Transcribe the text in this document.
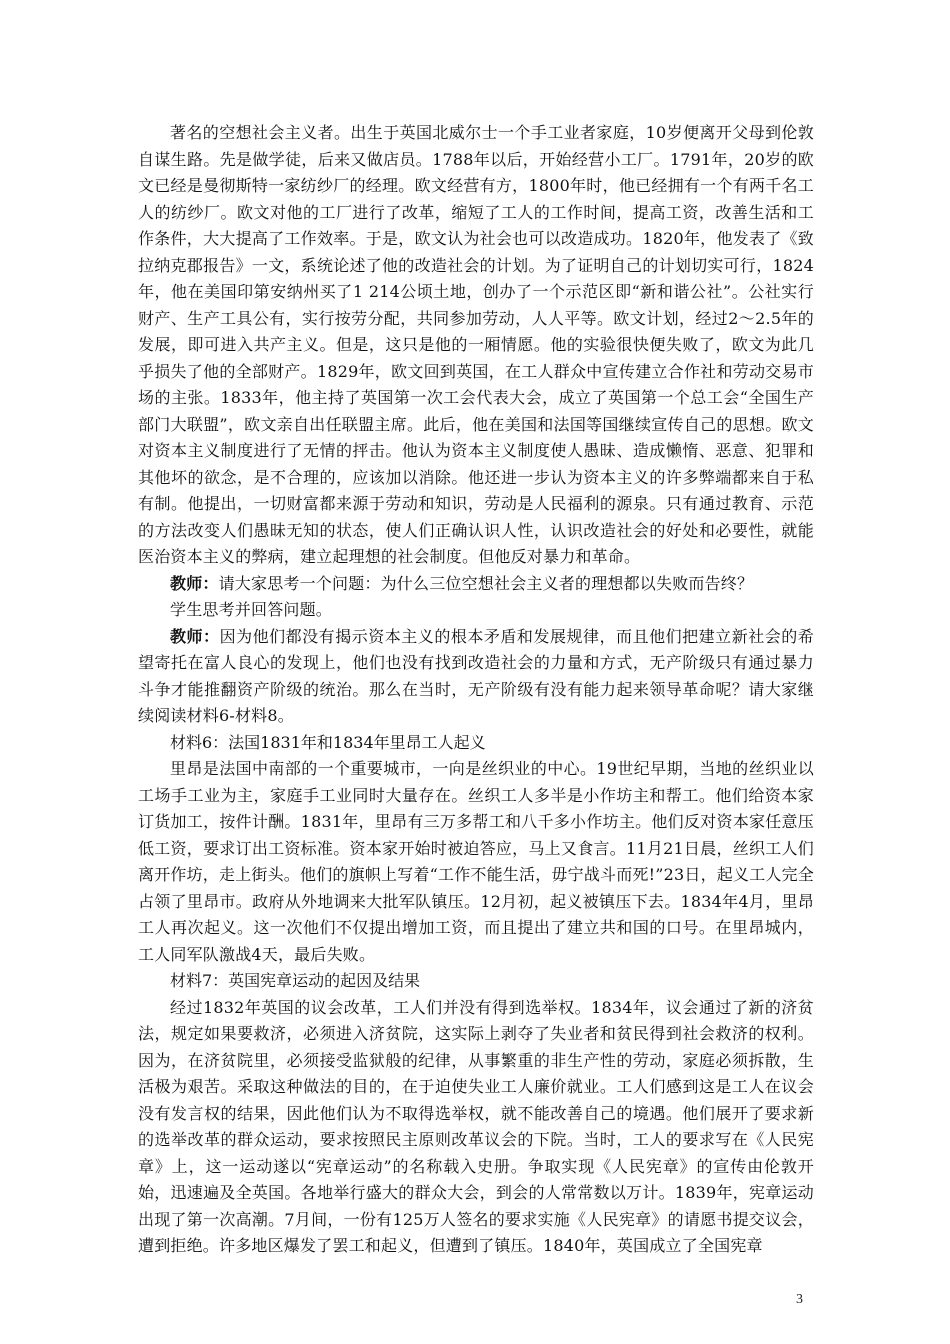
著名的空想社会主义者。出生于英国北威尔士一个手工业者家庭，10岁便离开父母到伦敦自谋生路。先是做学徒，后来又做店员。1788年以后，开始经营小工厂。1791年，20岁的欧文已经是曼彻斯特一家纺纱厂的经理。欧文经营有方，1800年时，他已经拥有一个有两千名工人的纺纱厂。欧文对他的工厂进行了改革，缩短了工人的工作时间，提高工资，改善生活和工作条件，大大提高了工作效率。于是，欧文认为社会也可以改造成功。1820年，他发表了《致拉纳克郡报告》一文，系统论述了他的改造社会的计划。为了证明自己的计划切实可行，1824年，他在美国印第安纳州买了1 214公顷土地，创办了一个示范区即“新和谐公社”。公社实行财产、生产工具公有，实行按劳分配，共同参加劳动，人人平等。欧文计划，经过2～2.5年的发展，即可进入共产主义。但是，这只是他的一厢情愿。他的实验很快便失败了，欧文为此几乎损失了他的全部财产。1829年，欧文回到英国，在工人群众中宣传建立合作社和劳动交易市场的主张。1833年，他主持了英国第一次工会代表大会，成立了英国第一个总工会“全国生产部门大联盟”，欧文亲自出任联盟主席。此后，他在美国和法国等国继续宣传自己的思想。欧文对资本主义制度进行了无情的抨击。他认为资本主义制度使人愚昧、造成懒惰、恶意、犯罪和其他坏的欲念，是不合理的，应该加以消除。他还进一步认为资本主义的许多弊端都来自于私有制。他提出，一切财富都来源于劳动和知识，劳动是人民福利的源泉。只有通过教育、示范的方法改变人们愚昧无知的状态，使人们正确认识人性，认识改造社会的好处和必要性，就能医治资本主义的弊病，建立起理想的社会制度。但他反对暴力和革命。

教师：请大家思考一个问题：为什么三位空想社会主义者的理想都以失败而告终？

学生思考并回答问题。

教师：因为他们都没有揭示资本主义的根本矛盾和发展规律，而且他们把建立新社会的希望寄托在富人良心的发现上，他们也没有找到改造社会的力量和方式，无产阶级只有通过暴力斗争才能推翻资产阶级的统治。那么在当时，无产阶级有没有能力起来领导革命呢？请大家继续阅读材料6-材料8。

材料6：法国1831年和1834年里昂工人起义

里昂是法国中南部的一个重要城市，一向是丝织业的中心。19世纪早期，当地的丝织业以工场手工业为主，家庭手工业同时大量存在。丝织工人多半是小作坊主和帮工。他们给资本家订货加工，按件计酬。1831年，里昂有三万多帮工和八千多小作坊主。他们反对资本家任意压低工资，要求订出工资标准。资本家开始时被迫答应，马上又食言。11月21日晨，丝织工人们离开作坊，走上街头。他们的旗帜上写着“工作不能生活，毋宁战斗而死!”23日，起义工人完全占领了里昂市。政府从外地调来大批军队镇压。12月初，起义被镇压下去。1834年4月，里昂工人再次起义。这一次他们不仅提出增加工资，而且提出了建立共和国的口号。在里昂城内，工人同军队激战4天，最后失败。

材料7：英国宪章运动的起因及结果

经过1832年英国的议会改革，工人们并没有得到选举权。1834年，议会通过了新的济贫法，规定如果要救济，必须进入济贫院，这实际上剥夺了失业者和贫民得到社会救济的权利。因为，在济贫院里，必须接受监狱般的纪律，从事繁重的非生产性的劳动，家庭必须拆散，生活极为艰苦。采取这种做法的目的，在于迫使失业工人廉价就业。工人们感到这是工人在议会没有发言权的结果，因此他们认为不取得选举权，就不能改善自己的境遇。他们展开了要求新的选举改革的群众运动，要求按照民主原则改革议会的下院。当时，工人的要求写在《人民宪章》上，这一运动遂以“宪章运动”的名称载入史册。争取实现《人民宪章》的宣传由伦敦开始，迅速遍及全英国。各地举行盛大的群众大会，到会的人常常数以万计。1839年，宪章运动出现了第一次高潮。7月间，一份有125万人签名的要求实施《人民宪章》的请愿书提交议会，遭到拒绝。许多地区爆发了罢工和起义，但遭到了镇压。1840年，英国成立了全国宪章

3
